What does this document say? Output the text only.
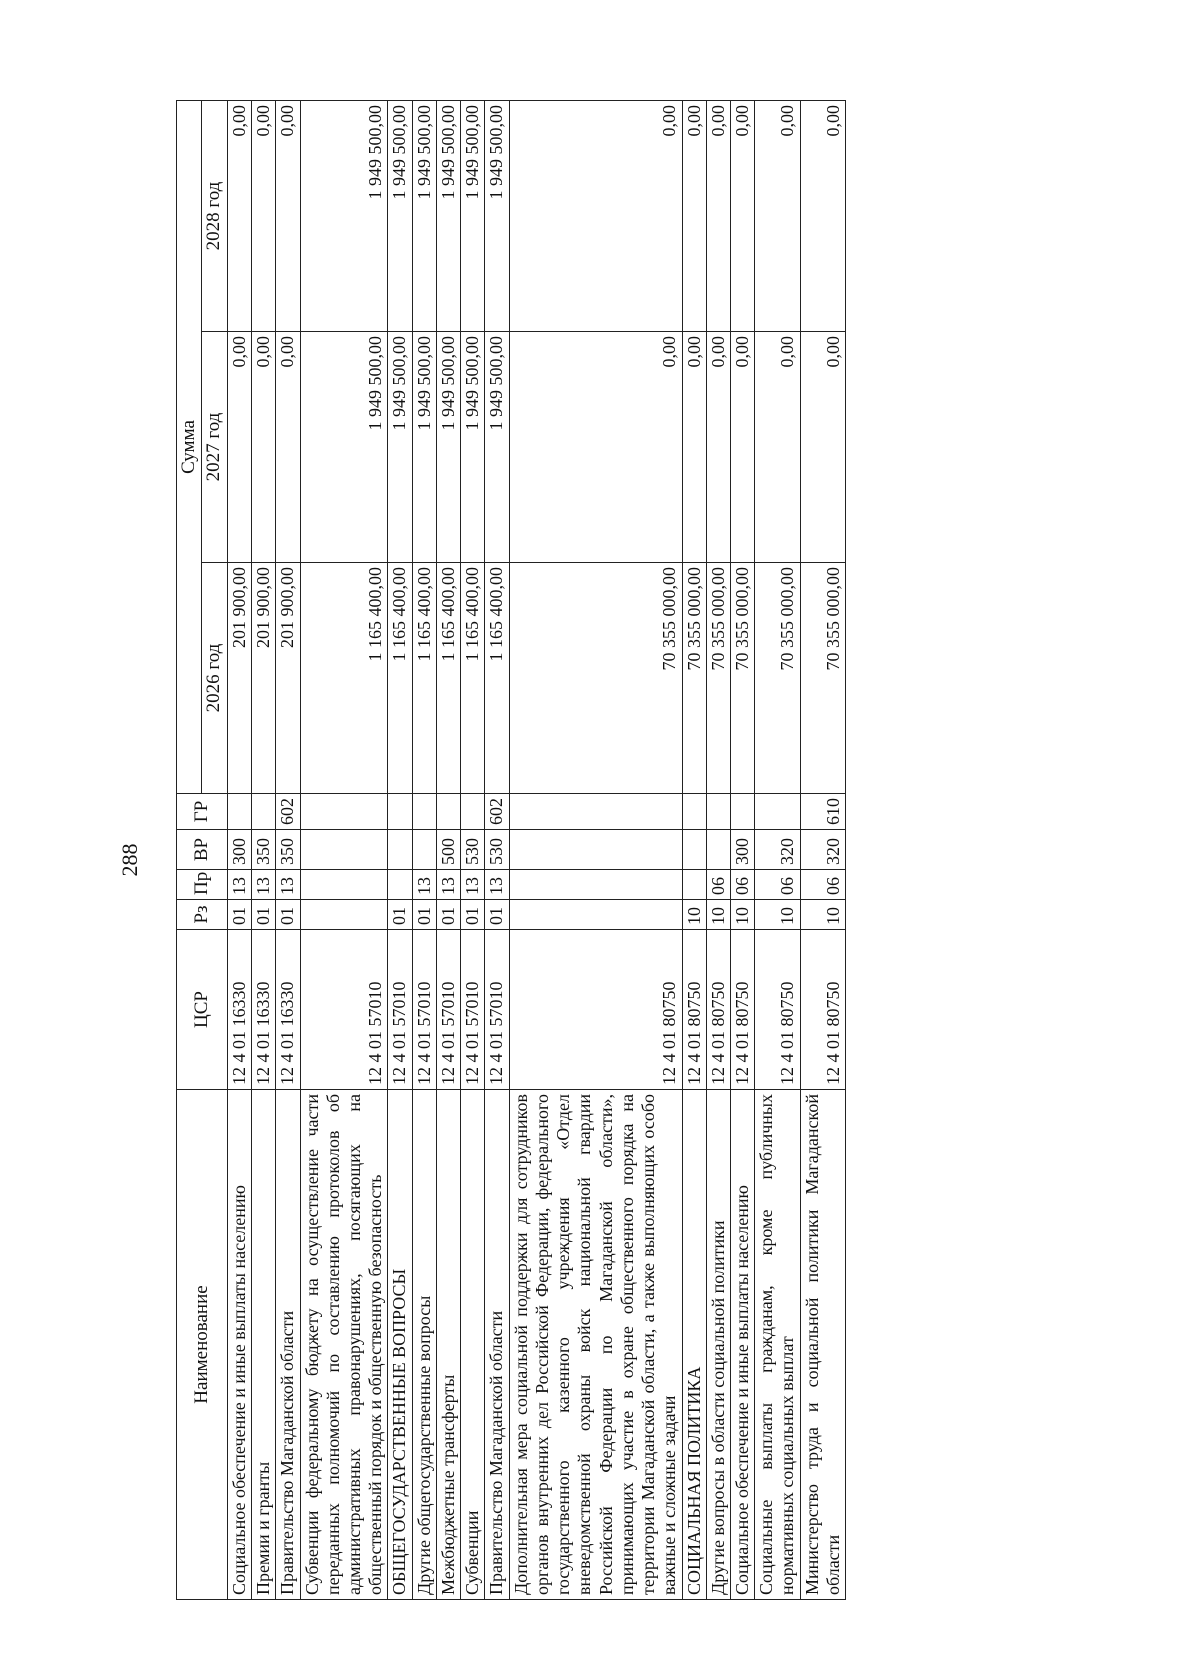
288
Наименование	ЦСР	Рз	Пр	ВР	ГР	Сумма		
						2026 год	2027 год	2028 год
Социальное обеспечение и иные выплаты населению	12 4 01 16330	01	13	300		201 900,00	0,00	0,00
Премии и гранты	12 4 01 16330	01	13	350		201 900,00	0,00	0,00
Правительство Магаданской области	12 4 01 16330	01	13	350	602	201 900,00	0,00	0,00
Субвенции федеральному бюджету на осуществление части переданных полномочий по составлению протоколов об административных правонарушениях, посягающих на общественный порядок и общественную безопасность	12 4 01 57010					1 165 400,00	1 949 500,00	1 949 500,00
ОБЩЕГОСУДАРСТВЕННЫЕ ВОПРОСЫ	12 4 01 57010	01				1 165 400,00	1 949 500,00	1 949 500,00
Другие общегосударственные вопросы	12 4 01 57010	01	13			1 165 400,00	1 949 500,00	1 949 500,00
Межбюджетные трансферты	12 4 01 57010	01	13	500		1 165 400,00	1 949 500,00	1 949 500,00
Субвенции	12 4 01 57010	01	13	530		1 165 400,00	1 949 500,00	1 949 500,00
Правительство Магаданской области	12 4 01 57010	01	13	530	602	1 165 400,00	1 949 500,00	1 949 500,00
Дополнительная мера социальной поддержки для сотрудников органов внутренних дел Российской Федерации, федерального государственного казенного учреждения «Отдел вневедомственной охраны войск национальной гвардии Российской Федерации по Магаданской области», принимающих участие в охране общественного порядка на территории Магаданской области, а также выполняющих особо важные и сложные задачи	12 4 01 80750					70 355 000,00	0,00	0,00
СОЦИАЛЬНАЯ ПОЛИТИКА	12 4 01 80750	10				70 355 000,00	0,00	0,00
Другие вопросы в области социальной политики	12 4 01 80750	10	06			70 355 000,00	0,00	0,00
Социальное обеспечение и иные выплаты населению	12 4 01 80750	10	06	300		70 355 000,00	0,00	0,00
Социальные выплаты гражданам, кроме публичных нормативных социальных выплат	12 4 01 80750	10	06	320		70 355 000,00	0,00	0,00
Министерство труда и социальной политики Магаданской области	12 4 01 80750	10	06	320	610	70 355 000,00	0,00	0,00
